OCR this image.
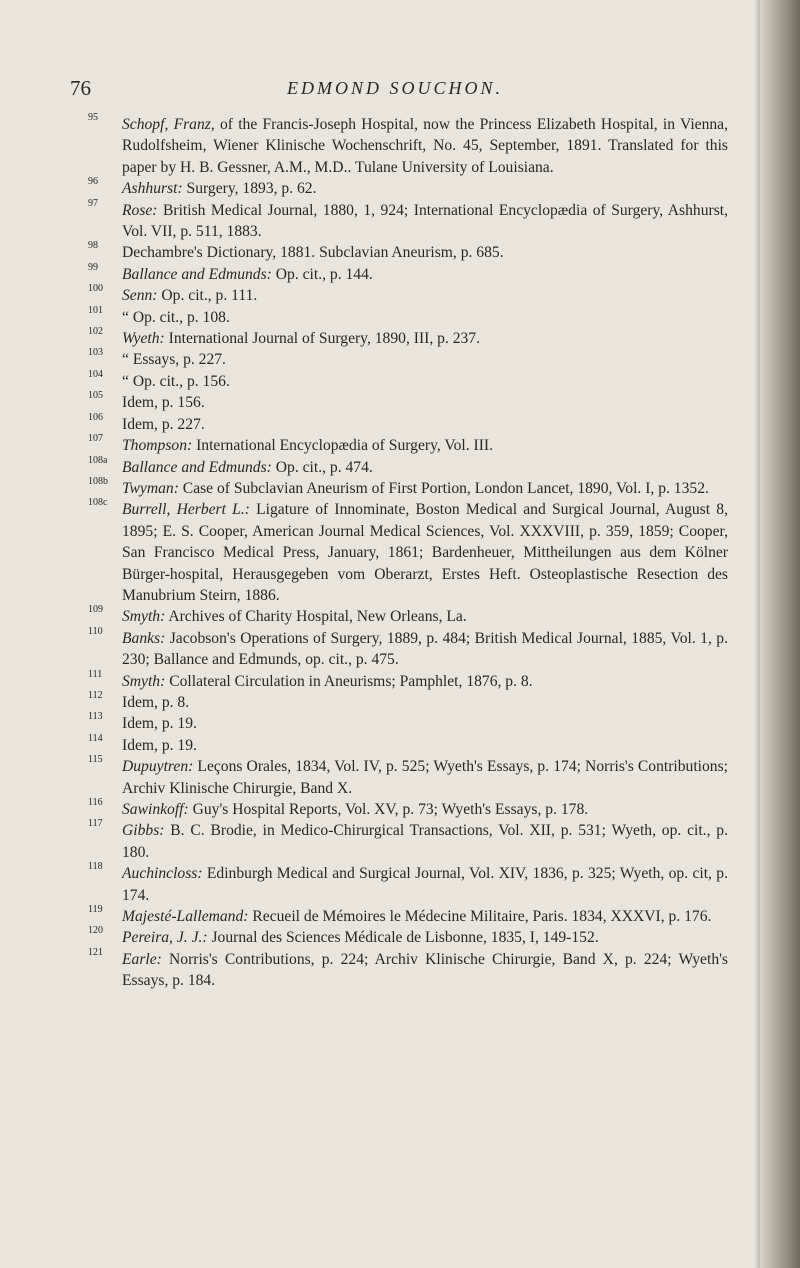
76	EDMOND SOUCHON.
95 Schopf, Franz, of the Francis-Joseph Hospital, now the Princess Elizabeth Hospital, in Vienna, Rudolfsheim, Wiener Klinische Wochenschrift, No. 45, September, 1891. Translated for this paper by H. B. Gessner, A.M., M.D.. Tulane University of Louisiana.
96 Ashhurst: Surgery, 1893, p. 62.
97 Rose: British Medical Journal, 1880, 1, 924; International Encyclopædia of Surgery, Ashhurst, Vol. VII, p. 511, 1883.
98 Dechambre's Dictionary, 1881. Subclavian Aneurism, p. 685.
99 Ballance and Edmunds: Op. cit., p. 144.
100 Senn: Op. cit., p. 111.
101 “ Op. cit., p. 108.
102 Wyeth: International Journal of Surgery, 1890, III, p. 237.
103 “ Essays, p. 227.
104 “ Op. cit., p. 156.
105 Idem, p. 156.
106 Idem, p. 227.
107 Thompson: International Encyclopædia of Surgery, Vol. III.
108a Ballance and Edmunds: Op. cit., p. 474.
108b Twyman: Case of Subclavian Aneurism of First Portion, London Lancet, 1890, Vol. I, p. 1352.
108c Burrell, Herbert L.: Ligature of Innominate, Boston Medical and Surgical Journal, August 8, 1895; E. S. Cooper, American Journal Medical Sciences, Vol. XXXVIII, p. 359, 1859; Cooper, San Francisco Medical Press, January, 1861; Bardenheuer, Mittheilungen aus dem Kölner Bürger-hospital, Herausgegeben vom Oberarzt, Erstes Heft. Osteoplastische Resection des Manubrium Steirn, 1886.
109 Smyth: Archives of Charity Hospital, New Orleans, La.
110 Banks: Jacobson's Operations of Surgery, 1889, p. 484; British Medical Journal, 1885, Vol. 1, p. 230; Ballance and Edmunds, op. cit., p. 475.
111 Smyth: Collateral Circulation in Aneurisms; Pamphlet, 1876, p. 8.
112 Idem, p. 8.
113 Idem, p. 19.
114 Idem, p. 19.
115 Dupuytren: Leçons Orales, 1834, Vol. IV, p. 525; Wyeth's Essays, p. 174; Norris's Contributions; Archiv Klinische Chirurgie, Band X.
116 Sawinkoff: Guy's Hospital Reports, Vol. XV, p. 73; Wyeth's Essays, p. 178.
117 Gibbs: B. C. Brodie, in Medico-Chirurgical Transactions, Vol. XII, p. 531; Wyeth, op. cit., p. 180.
118 Auchincloss: Edinburgh Medical and Surgical Journal, Vol. XIV, 1836, p. 325; Wyeth, op. cit, p. 174.
119 Majesté-Lallemand: Recueil de Mémoires le Médecine Militaire, Paris. 1834, XXXVI, p. 176.
120 Pereira, J. J.: Journal des Sciences Médicale de Lisbonne, 1835, I, 149-152.
121 Earle: Norris's Contributions, p. 224; Archiv Klinische Chirurgie, Band X, p. 224; Wyeth's Essays, p. 184.
